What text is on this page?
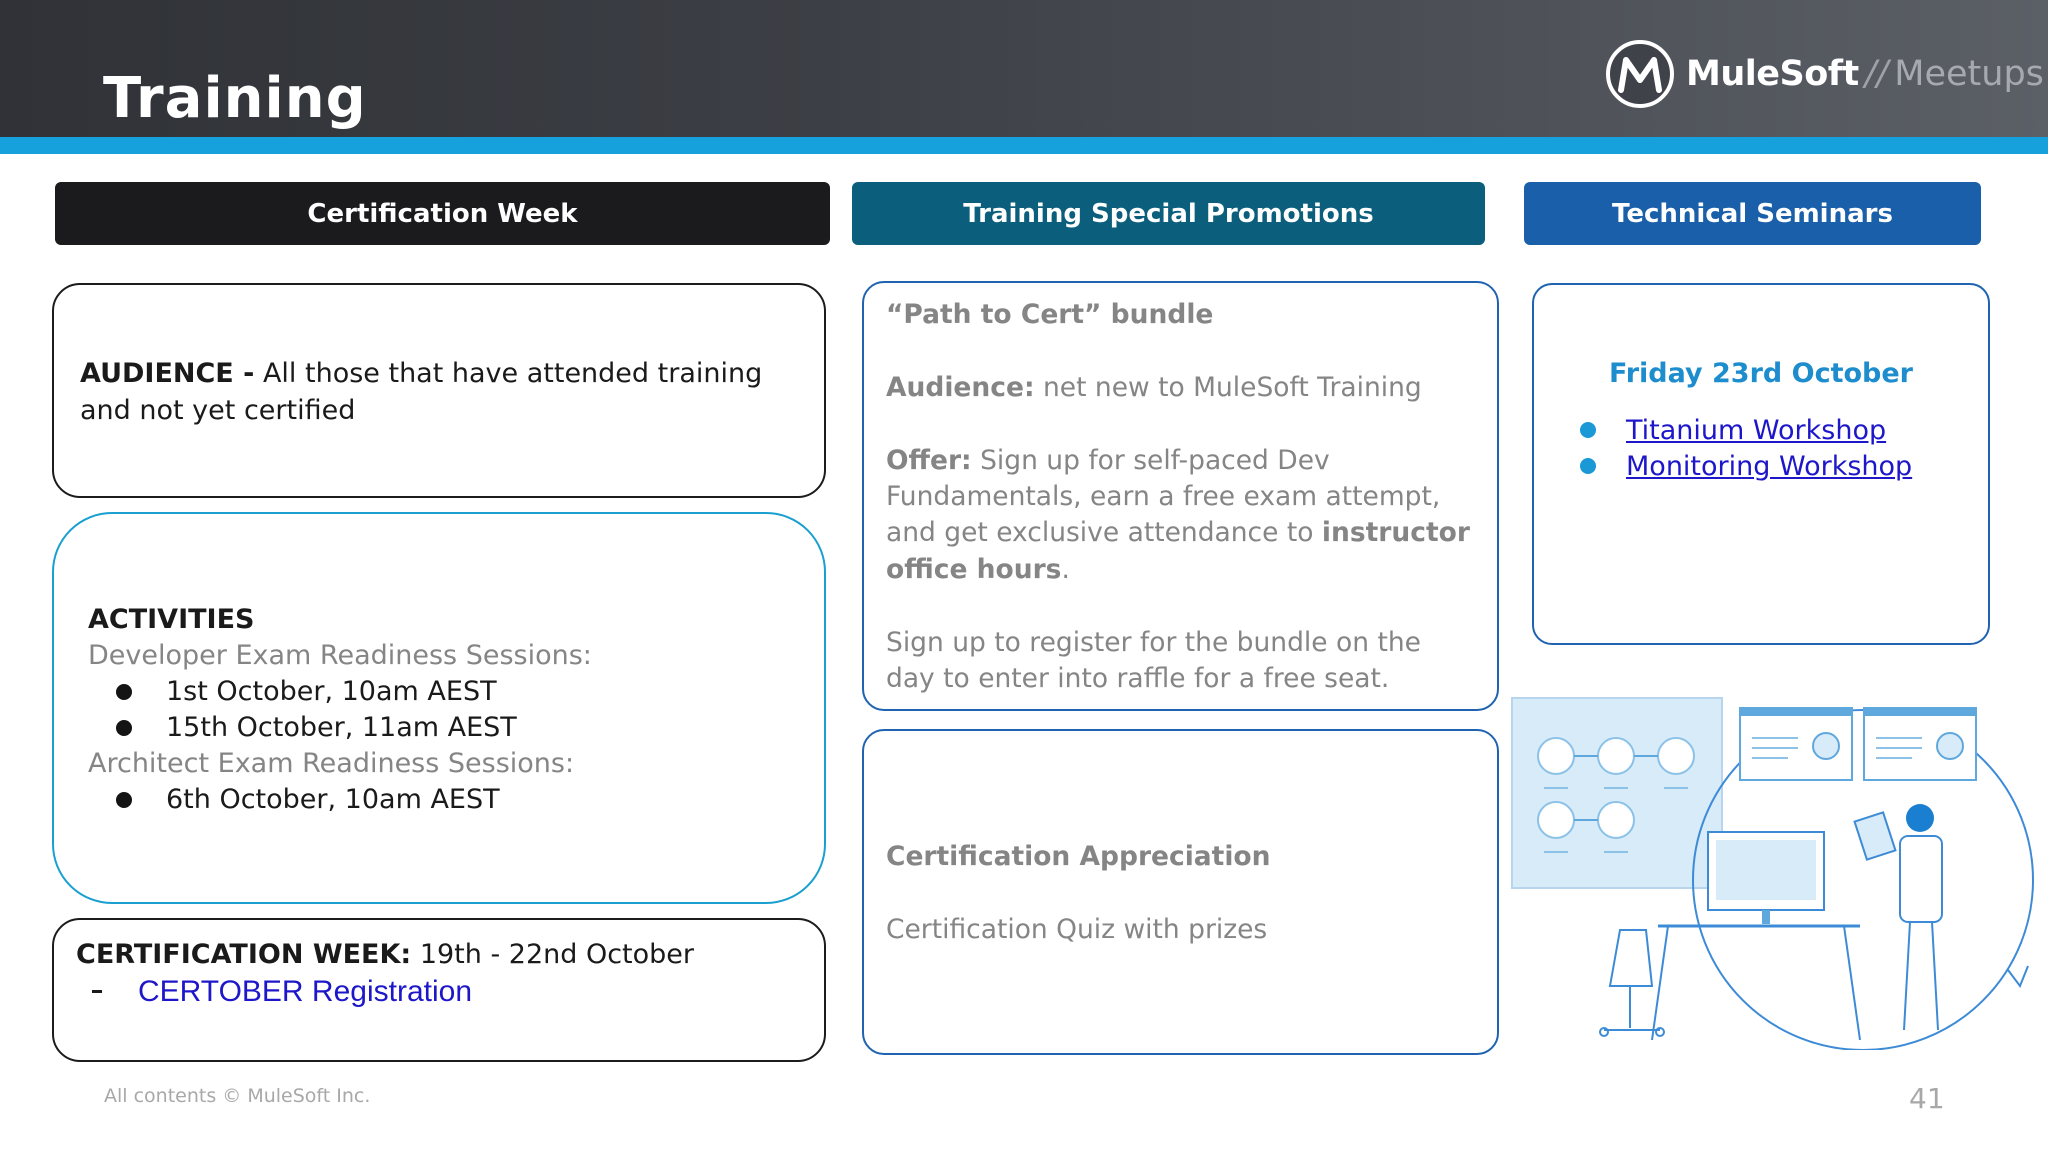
Training	MuleSoft // Meetups
Certification Week	Training Special Promotions	Technical Seminars
AUDIENCE - All those that have attended training and not yet certified
ACTIVITIES
Developer Exam Readiness Sessions:
1st October, 10am AEST
15th October, 11am AEST
Architect Exam Readiness Sessions:
6th October, 10am AEST
CERTIFICATION WEEK: 19th - 22nd October
CERTOBER Registration
“Path to Cert” bundle
Audience: net new to MuleSoft Training
Offer: Sign up for self-paced Dev Fundamentals, earn a free exam attempt, and get exclusive attendance to instructor office hours.
Sign up to register for the bundle on the day to enter into raffle for a free seat.
Certification Appreciation
Certification Quiz with prizes
Friday 23rd October
Titanium Workshop
Monitoring Workshop
All contents © MuleSoft Inc.	41
